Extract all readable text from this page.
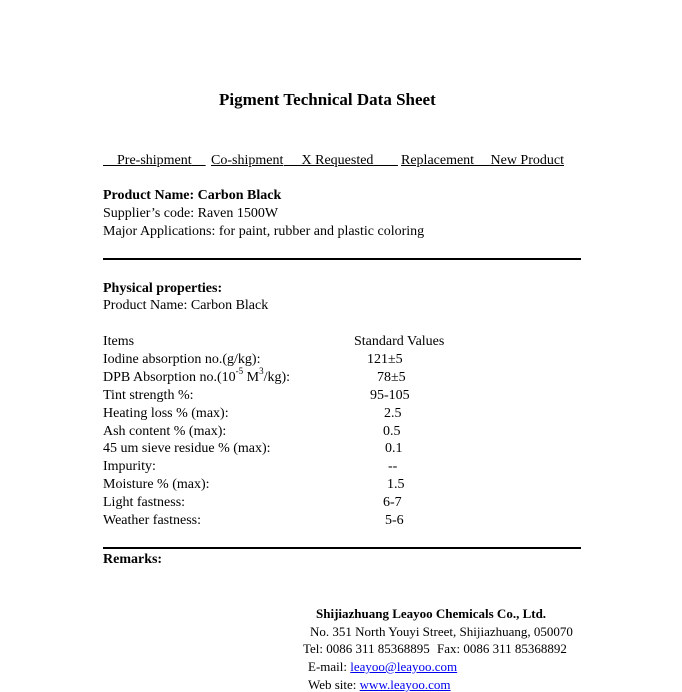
Pigment Technical Data Sheet
Pre-shipment	Co-shipment	X Requested	Replacement	New Product
Product Name: Carbon Black
Supplier’s code: Raven 1500W
Major Applications: for paint, rubber and plastic coloring
Physical properties:
Product Name: Carbon Black
Items	Standard Values
Iodine absorption no.(g/kg):	121±5
DPB Absorption $no.(10^{-5}$ $M^3/kg$):	78±5
Tint strength %:	95-105
Heating loss % (max):	2.5
Ash content % (max):	0.5
45 um sieve residue % (max):	0.1
Impurity:	--
Moisture % (max):	1.5
Light fastness:	6-7
Weather fastness:	5-6
Remarks:
Shijiazhuang Leayoo Chemicals Co., Ltd.
No. 351 North Youyi Street, Shijiazhuang, 050070
Tel: 0086 311 85368895 Fax: 0086 311 85368892
E-mail: leayoo@leayoo.com
Web site: www.leayoo.com
